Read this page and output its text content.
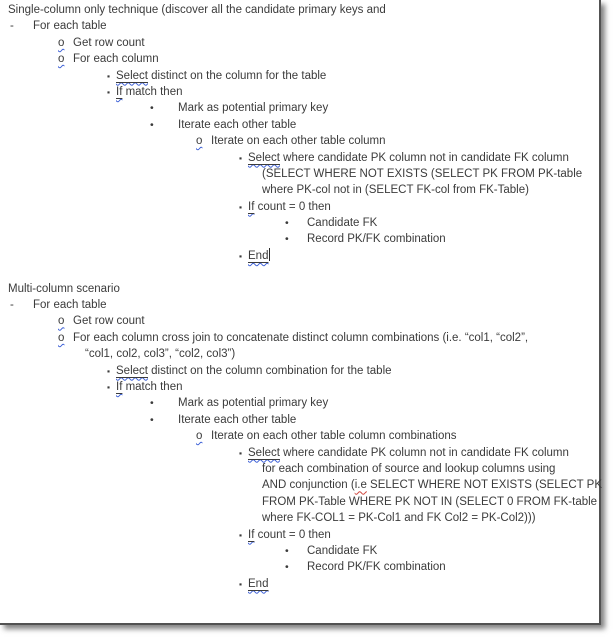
Single-column only technique (discover all the candidate primary keys and
- For each table
o Get row count
o For each column
▪ Select distinct on the column for the table
▪ If match then
• Mark as potential primary key
• Iterate each other table
o Iterate on each other table column
▪ Select where candidate PK column not in candidate FK column
(SELECT WHERE NOT EXISTS (SELECT PK FROM PK-table
where PK-col not in (SELECT FK-col from FK-Table)
▪ If count = 0 then
• Candidate FK
• Record PK/FK combination
▪ End
Multi-column scenario
- For each table
o Get row count
o For each column cross join to concatenate distinct column combinations (i.e. “col1, “col2”,
“col1, col2, col3”, “col2, col3”)
▪ Select distinct on the column combination for the table
▪ If match then
• Mark as potential primary key
• Iterate each other table
o Iterate on each other table column combinations
▪ Select where candidate PK column not in candidate FK column
for each combination of source and lookup columns using
AND conjunction (i.e SELECT WHERE NOT EXISTS (SELECT PK
FROM PK-Table WHERE PK NOT IN (SELECT 0 FROM FK-table
where FK-COL1 = PK-Col1 and FK Col2 = PK-Col2)))
▪ If count = 0 then
• Candidate FK
• Record PK/FK combination
▪ End
